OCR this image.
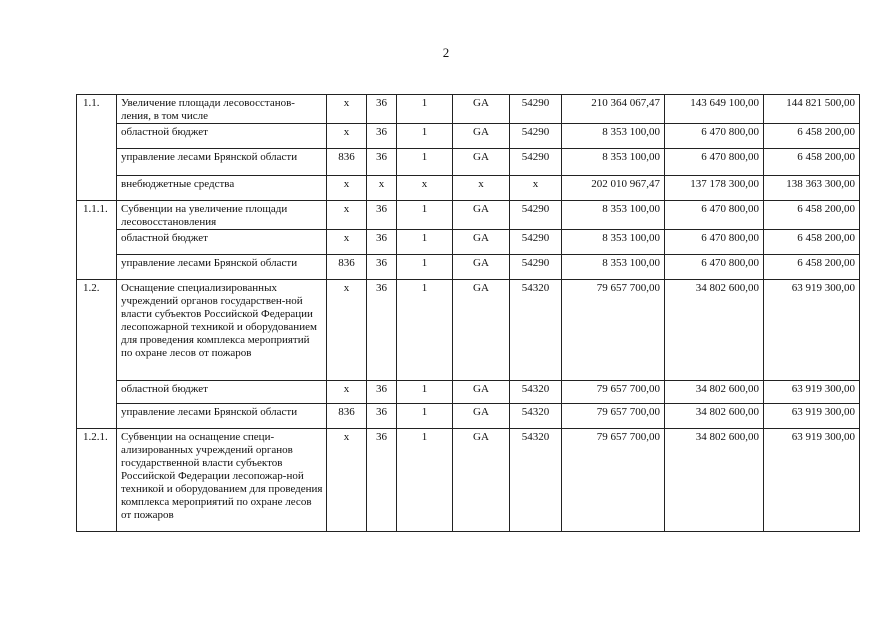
2
1.1.	Увеличение площади лесовосстанов-ления, в том числе	х	36	1	GA	54290	210 364 067,47	143 649 100,00	144 821 500,00
	областной бюджет	х	36	1	GA	54290	8 353 100,00	6 470 800,00	6 458 200,00
	управление лесами Брянской области	836	36	1	GA	54290	8 353 100,00	6 470 800,00	6 458 200,00
	внебюджетные средства	х	х	х	х	х	202 010 967,47	137 178 300,00	138 363 300,00
1.1.1.	Субвенции на увеличение площади лесовосстановления	х	36	1	GA	54290	8 353 100,00	6 470 800,00	6 458 200,00
	областной бюджет	х	36	1	GA	54290	8 353 100,00	6 470 800,00	6 458 200,00
	управление лесами Брянской области	836	36	1	GA	54290	8 353 100,00	6 470 800,00	6 458 200,00
1.2.	Оснащение специализированных учреждений органов государствен-ной власти субъектов Российской Федерации лесопожарной техникой и оборудованием для проведения комплекса мероприятий по охране лесов от пожаров	х	36	1	GA	54320	79 657 700,00	34 802 600,00	63 919 300,00
	областной бюджет	х	36	1	GA	54320	79 657 700,00	34 802 600,00	63 919 300,00
	управление лесами Брянской области	836	36	1	GA	54320	79 657 700,00	34 802 600,00	63 919 300,00
1.2.1.	Субвенции на оснащение специ-ализированных учреждений органов государственной власти субъектов Российской Федерации лесопожар-ной техникой и оборудованием для проведения комплекса мероприятий по охране лесов от пожаров	х	36	1	GA	54320	79 657 700,00	34 802 600,00	63 919 300,00
